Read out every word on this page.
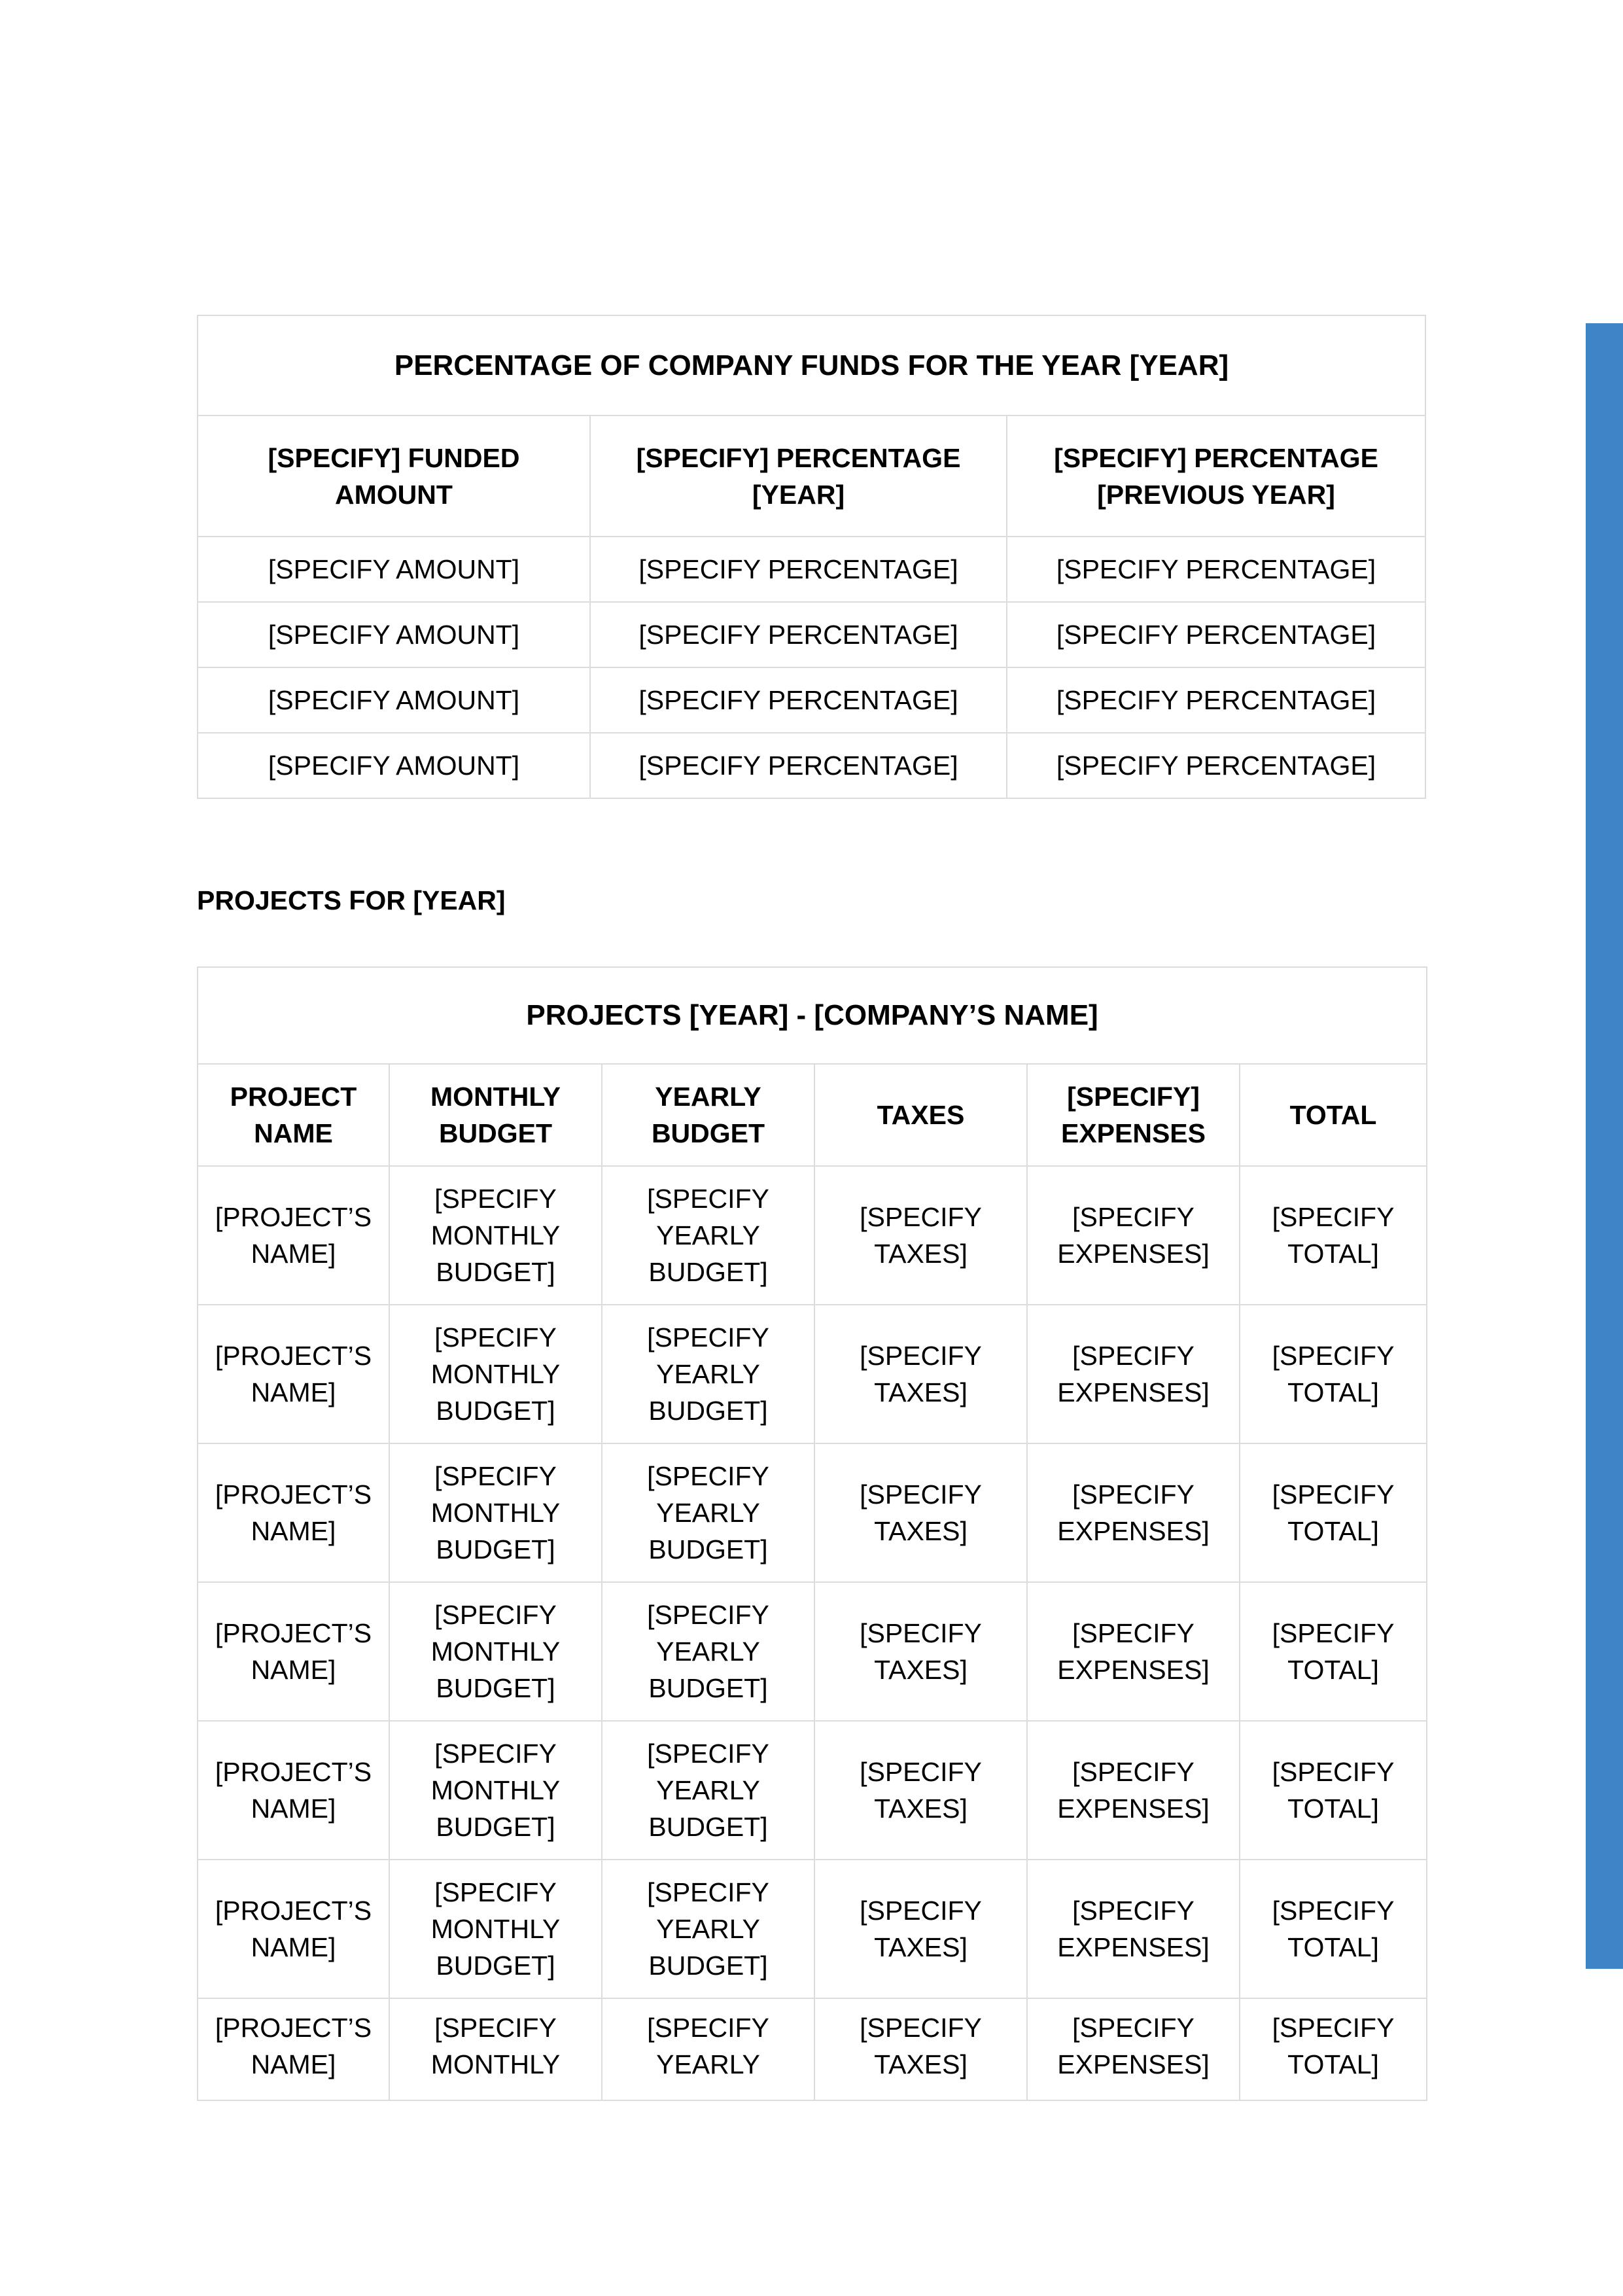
PERCENTAGE OF COMPANY FUNDS FOR THE YEAR [YEAR]		
[SPECIFY] FUNDED AMOUNT	[SPECIFY] PERCENTAGE [YEAR]	[SPECIFY] PERCENTAGE [PREVIOUS YEAR]
[SPECIFY AMOUNT]	[SPECIFY PERCENTAGE]	[SPECIFY PERCENTAGE]
[SPECIFY AMOUNT]	[SPECIFY PERCENTAGE]	[SPECIFY PERCENTAGE]
[SPECIFY AMOUNT]	[SPECIFY PERCENTAGE]	[SPECIFY PERCENTAGE]
[SPECIFY AMOUNT]	[SPECIFY PERCENTAGE]	[SPECIFY PERCENTAGE]
PROJECTS FOR [YEAR]
PROJECTS [YEAR] - [COMPANY’S NAME]					
PROJECT NAME	MONTHLY BUDGET	YEARLY BUDGET	TAXES	[SPECIFY] EXPENSES	TOTAL
[PROJECT’S NAME]	[SPECIFY MONTHLY BUDGET]	[SPECIFY YEARLY BUDGET]	[SPECIFY TAXES]	[SPECIFY EXPENSES]	[SPECIFY TOTAL]
[PROJECT’S NAME]	[SPECIFY MONTHLY BUDGET]	[SPECIFY YEARLY BUDGET]	[SPECIFY TAXES]	[SPECIFY EXPENSES]	[SPECIFY TOTAL]
[PROJECT’S NAME]	[SPECIFY MONTHLY BUDGET]	[SPECIFY YEARLY BUDGET]	[SPECIFY TAXES]	[SPECIFY EXPENSES]	[SPECIFY TOTAL]
[PROJECT’S NAME]	[SPECIFY MONTHLY BUDGET]	[SPECIFY YEARLY BUDGET]	[SPECIFY TAXES]	[SPECIFY EXPENSES]	[SPECIFY TOTAL]
[PROJECT’S NAME]	[SPECIFY MONTHLY BUDGET]	[SPECIFY YEARLY BUDGET]	[SPECIFY TAXES]	[SPECIFY EXPENSES]	[SPECIFY TOTAL]
[PROJECT’S NAME]	[SPECIFY MONTHLY BUDGET]	[SPECIFY YEARLY BUDGET]	[SPECIFY TAXES]	[SPECIFY EXPENSES]	[SPECIFY TOTAL]
[PROJECT’S NAME]	[SPECIFY MONTHLY	[SPECIFY YEARLY	[SPECIFY TAXES]	[SPECIFY EXPENSES]	[SPECIFY TOTAL]
